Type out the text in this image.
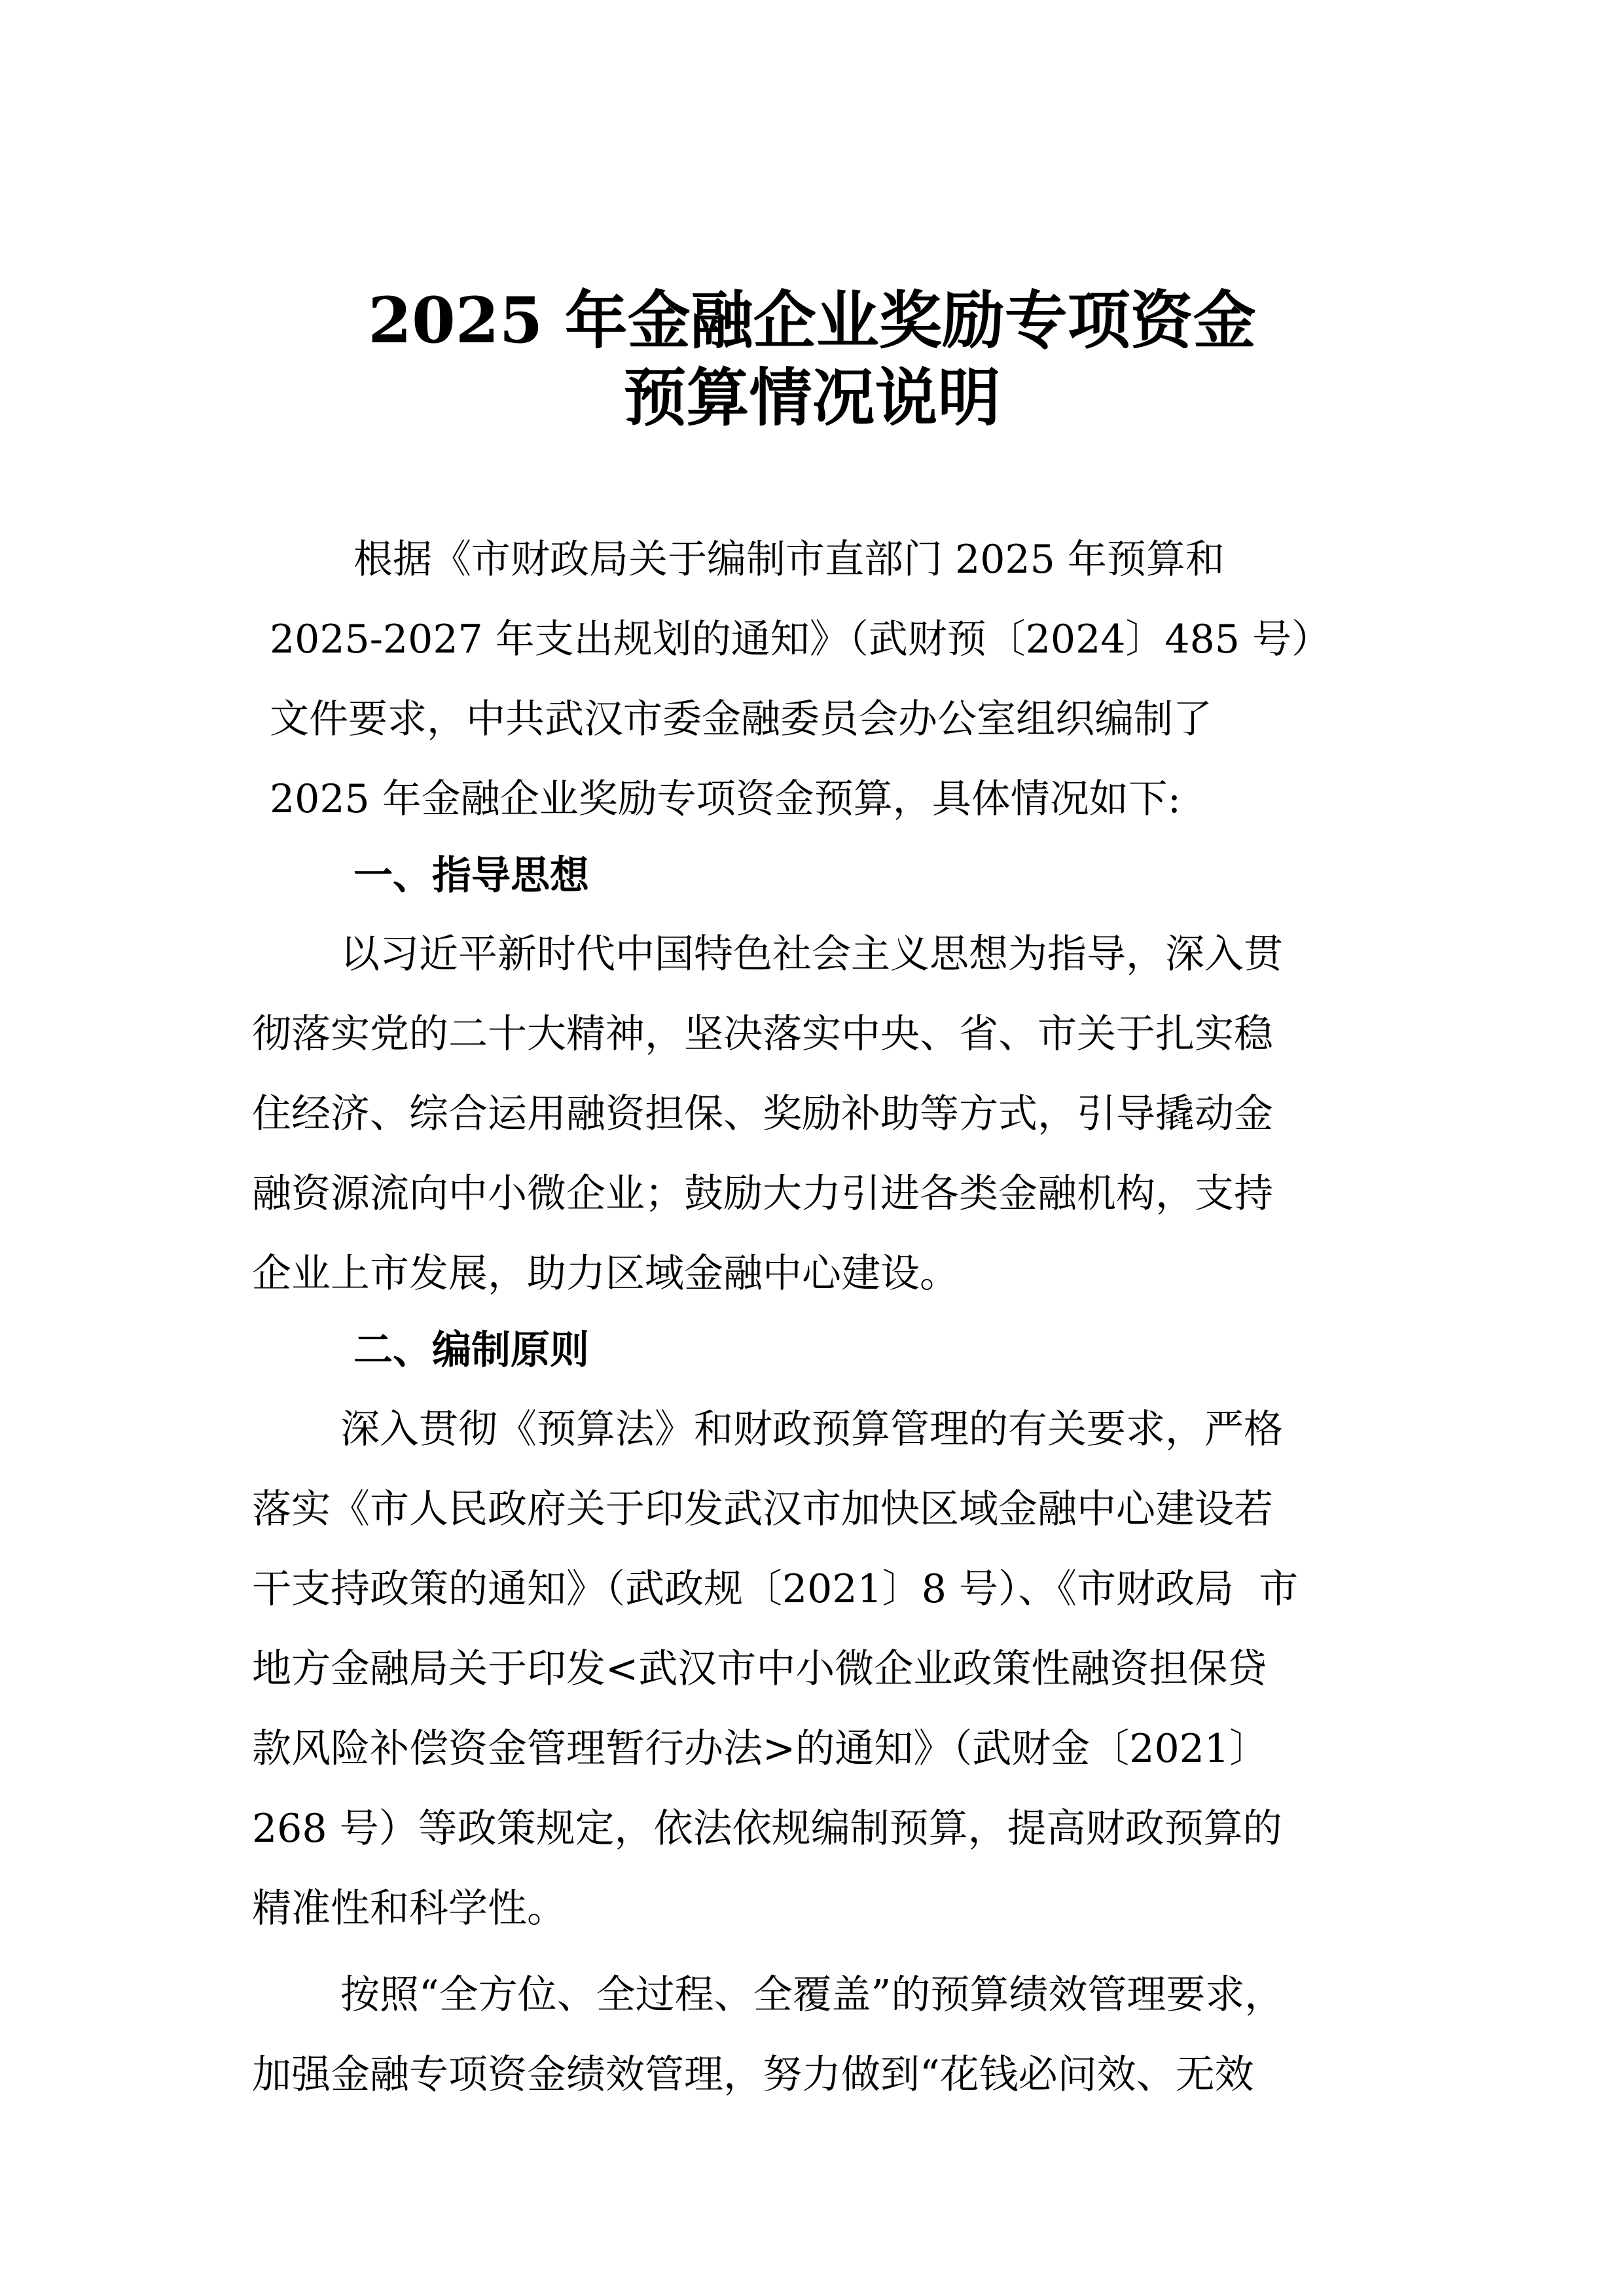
2025 年金融企业奖励专项资金
预算情况说明
根据《市财政局关于编制市直部门 2025 年预算和
2025-2027 年支出规划的通知》（武财预〔2024〕485 号）
文件要求，中共武汉市委金融委员会办公室组织编制了
2025 年金融企业奖励专项资金预算，具体情况如下:
一、指导思想
以习近平新时代中国特色社会主义思想为指导，深入贯
彻落实党的二十大精神，坚决落实中央、省、市关于扎实稳
住经济、综合运用融资担保、奖励补助等方式，引导撬动金
融资源流向中小微企业；鼓励大力引进各类金融机构，支持
企业上市发展，助力区域金融中心建设。
二、编制原则
深入贯彻《预算法》和财政预算管理的有关要求，严格
落实《市人民政府关于印发武汉市加快区域金融中心建设若
干支持政策的通知》（武政规〔2021〕8 号）、《市财政局  市
地方金融局关于印发<武汉市中小微企业政策性融资担保贷
款风险补偿资金管理暂行办法>的通知》（武财金〔2021〕
268 号）等政策规定，依法依规编制预算，提高财政预算的
精准性和科学性。
按照“全方位、全过程、全覆盖”的预算绩效管理要求，
加强金融专项资金绩效管理，努力做到“花钱必问效、无效
